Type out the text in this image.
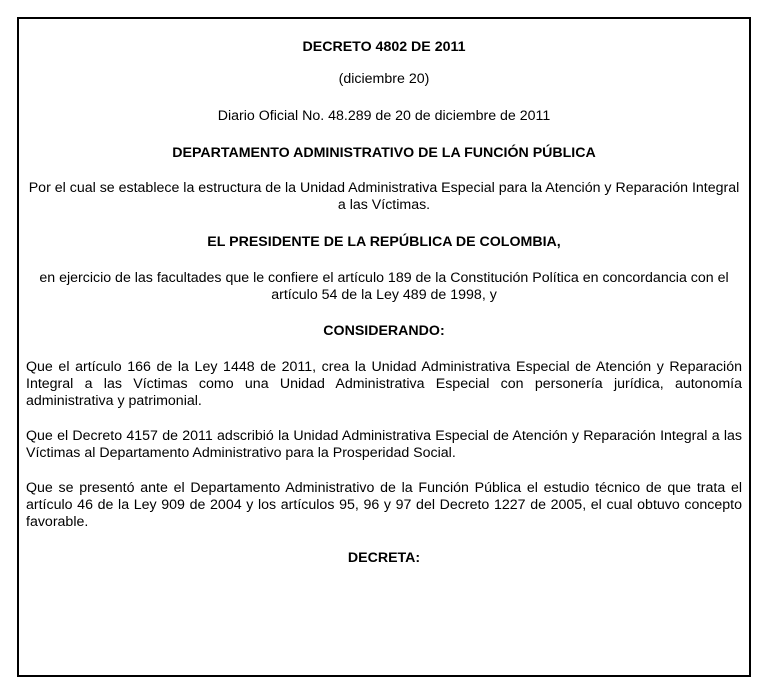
DECRETO 4802 DE 2011

(diciembre 20)

Diario Oficial No. 48.289 de 20 de diciembre de 2011

DEPARTAMENTO ADMINISTRATIVO DE LA FUNCIÓN PÚBLICA

Por el cual se establece la estructura de la Unidad Administrativa Especial para la Atención y Reparación Integral a las Víctimas.

EL PRESIDENTE DE LA REPÚBLICA DE COLOMBIA,

en ejercicio de las facultades que le confiere el artículo 189 de la Constitución Política en concordancia con el artículo 54 de la Ley 489 de 1998, y

CONSIDERANDO:

Que el artículo 166 de la Ley 1448 de 2011, crea la Unidad Administrativa Especial de Atención y Reparación Integral a las Víctimas como una Unidad Administrativa Especial con personería jurídica, autonomía administrativa y patrimonial.

Que el Decreto 4157 de 2011 adscribió la Unidad Administrativa Especial de Atención y Reparación Integral a las Víctimas al Departamento Administrativo para la Prosperidad Social.

Que se presentó ante el Departamento Administrativo de la Función Pública el estudio técnico de que trata el artículo 46 de la Ley 909 de 2004 y los artículos 95, 96 y 97 del Decreto 1227 de 2005, el cual obtuvo concepto favorable.

DECRETA:
